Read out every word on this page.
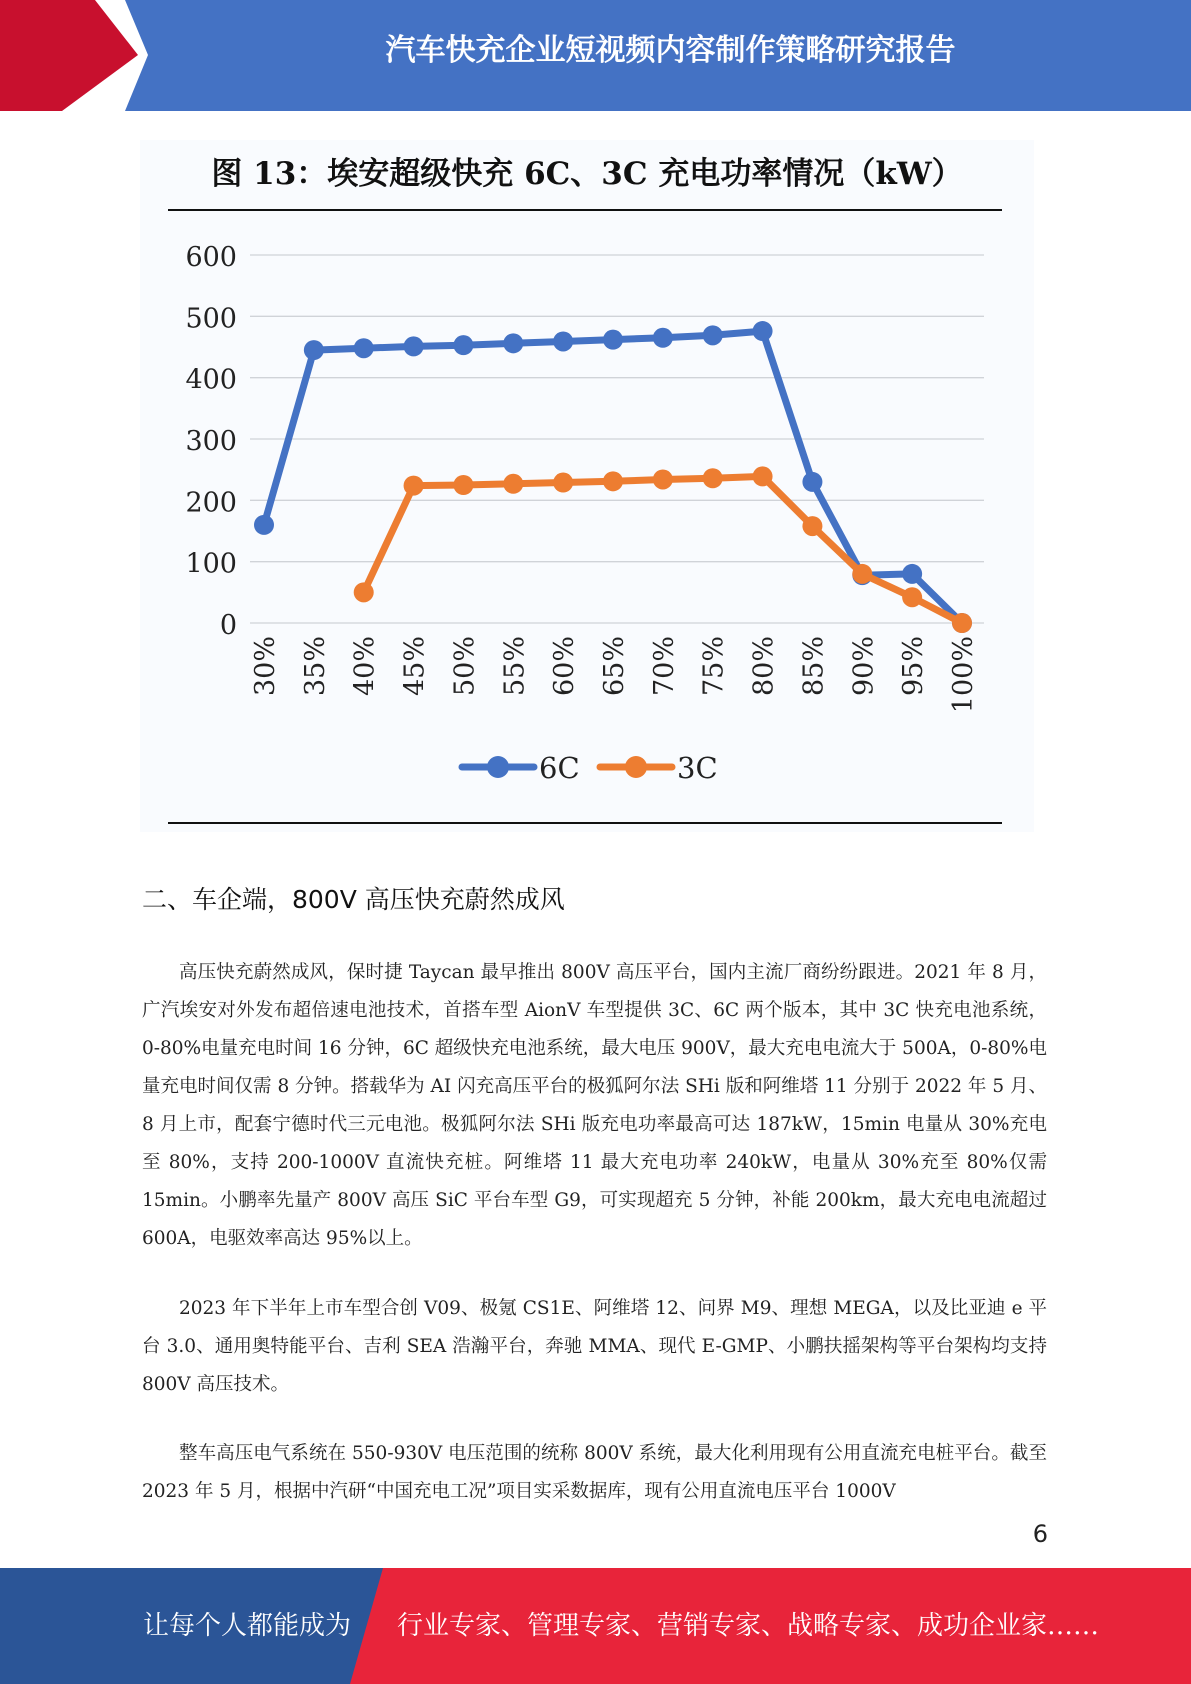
汽车快充企业短视频内容制作策略研究报告
图 13：埃安超级快充 6C、3C 充电功率情况（kW）
0
100
200
300
400
500
600
30% 35% 40% 45% 50% 55% 60% 65% 70% 75% 80% 85% 90% 95% 100%
6C	3C
二、车企端，800V 高压快充蔚然成风

高压快充蔚然成风，保时捷 Taycan 最早推出 800V 高压平台，国内主流厂商纷纷跟进。2021 年 8 月，广汽埃安对外发布超倍速电池技术，首搭车型 AionV 车型提供 3C、6C 两个版本，其中 3C 快充电池系统，0-80%电量充电时间 16 分钟，6C 超级快充电池系统，最大电压 900V，最大充电电流大于 500A，0-80%电量充电时间仅需 8 分钟。搭载华为 AI 闪充高压平台的极狐阿尔法 SHi 版和阿维塔 11 分别于 2022 年 5 月、8 月上市，配套宁德时代三元电池。极狐阿尔法 SHi 版充电功率最高可达 187kW，15min 电量从 30%充电至 80%，支持 200-1000V 直流快充桩。阿维塔 11 最大充电功率 240kW，电量从 30%充至 80%仅需 15min。小鹏率先量产 800V 高压 SiC 平台车型 G9，可实现超充 5 分钟，补能 200km，最大充电电流超过 600A，电驱效率高达 95%以上。

2023 年下半年上市车型合创 V09、极氪 CS1E、阿维塔 12、问界 M9、理想 MEGA，以及比亚迪 e 平台 3.0、通用奥特能平台、吉利 SEA 浩瀚平台，奔驰 MMA、现代 E-GMP、小鹏扶摇架构等平台架构均支持 800V 高压技术。

整车高压电气系统在 550-930V 电压范围的统称 800V 系统，最大化利用现有公用直流充电桩平台。截至 2023 年 5 月，根据中汽研“中国充电工况”项目实采数据库，现有公用直流电压平台 1000V

6
让每个人都能成为 行业专家、管理专家、营销专家、战略专家、成功企业家……
